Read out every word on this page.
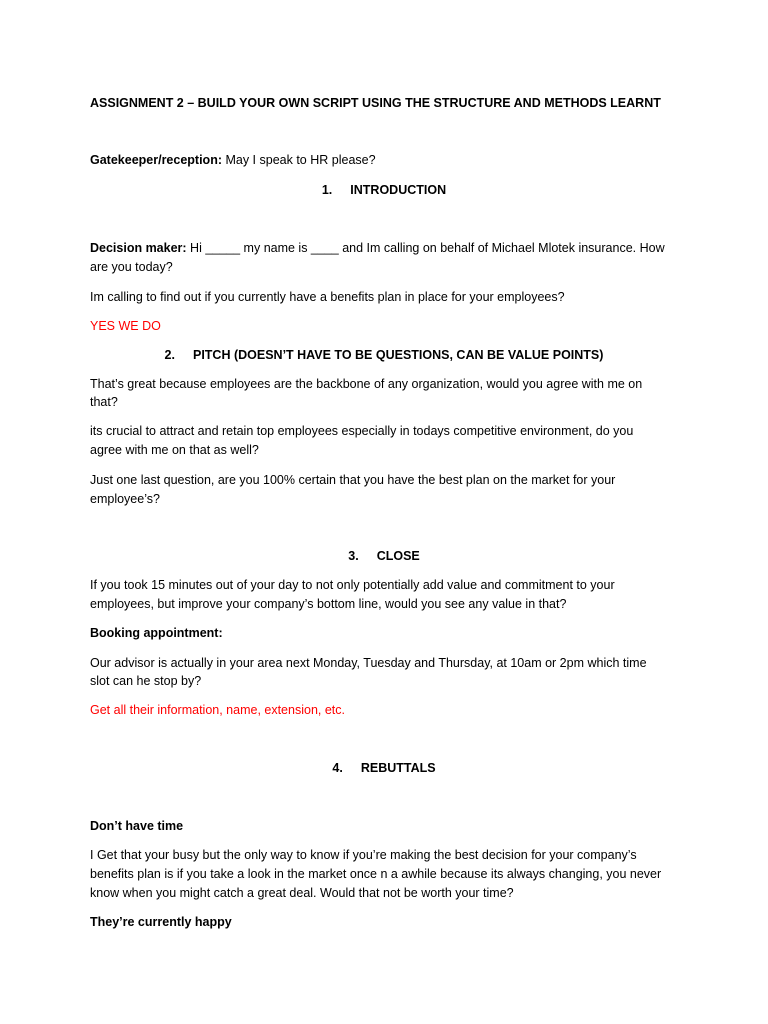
ASSIGNMENT 2 – BUILD YOUR OWN SCRIPT USING THE STRUCTURE AND METHODS LEARNT
Gatekeeper/reception: May I speak to HR please?
1. INTRODUCTION
Decision maker: Hi _____ my name is ____ and Im calling on behalf of Michael Mlotek insurance. How
are you today?
Im calling to find out if you currently have a benefits plan in place for your employees?
YES WE DO
2. PITCH (DOESN’T HAVE TO BE QUESTIONS, CAN BE VALUE POINTS)
That’s great because employees are the backbone of any organization, would you agree with me on
that?
its crucial to attract and retain top employees especially in todays competitive environment, do you
agree with me on that as well?
Just one last question, are you 100% certain that you have the best plan on the market for your
employee’s?
3. CLOSE
If you took 15 minutes out of your day to not only potentially add value and commitment to your
employees, but improve your company’s bottom line, would you see any value in that?
Booking appointment:
Our advisor is actually in your area next Monday, Tuesday and Thursday, at 10am or 2pm which time
slot can he stop by?
Get all their information, name, extension, etc.
4. REBUTTALS
Don’t have time
I Get that your busy but the only way to know if you’re making the best decision for your company’s
benefits plan is if you take a look in the market once n a awhile because its always changing, you never
know when you might catch a great deal. Would that not be worth your time?
They’re currently happy
